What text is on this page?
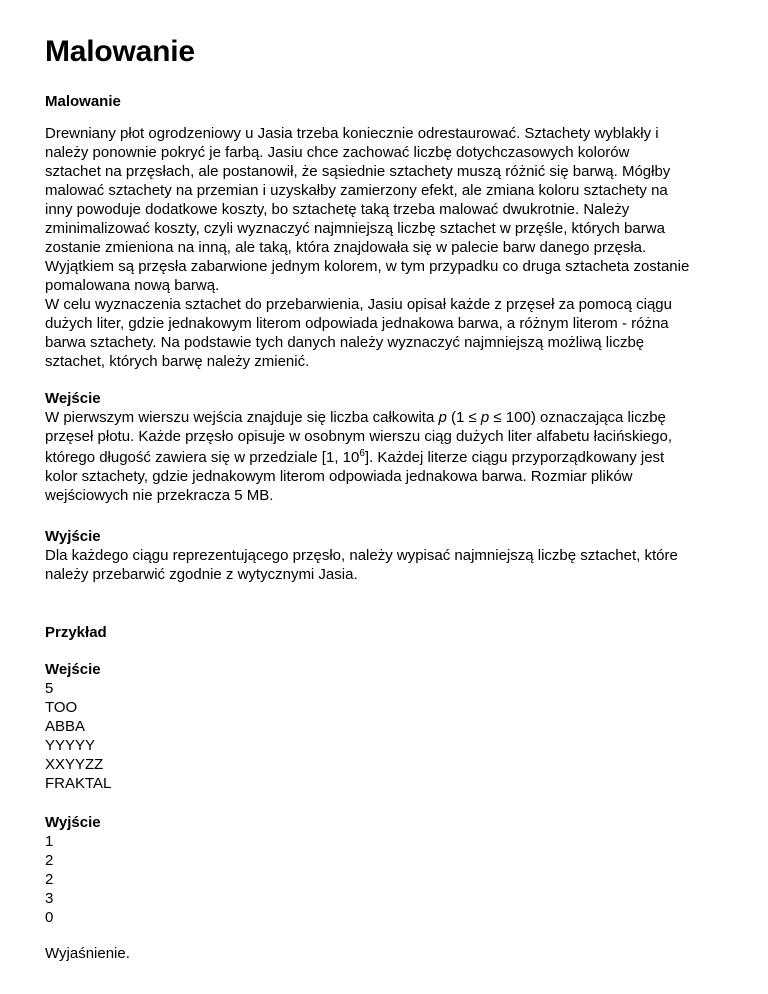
Malowanie

Malowanie

Drewniany płot ogrodzeniowy u Jasia trzeba koniecznie odrestaurować. Sztachety wyblakły i

należy ponownie pokryć je farbą. Jasiu chce zachować liczbę dotychczasowych kolorów

sztachet na przęsłach, ale postanowił, że sąsiednie sztachety muszą różnić się barwą. Mógłby

malować sztachety na przemian i uzyskałby zamierzony efekt, ale zmiana koloru sztachety na

inny powoduje dodatkowe koszty, bo sztachetę taką trzeba malować dwukrotnie. Należy

zminimalizować koszty, czyli wyznaczyć najmniejszą liczbę sztachet w przęśle, których barwa

zostanie zmieniona na inną, ale taką, która znajdowała się w palecie barw danego przęsła.

Wyjątkiem są przęsła zabarwione jednym kolorem, w tym przypadku co druga sztacheta zostanie

pomalowana nową barwą.

W celu wyznaczenia sztachet do przebarwienia, Jasiu opisał każde z przęseł za pomocą ciągu

dużych liter, gdzie jednakowym literom odpowiada jednakowa barwa, a różnym literom - różna

barwa sztachety. Na podstawie tych danych należy wyznaczyć najmniejszą możliwą liczbę

sztachet, których barwę należy zmienić.

Wejście

W pierwszym wierszu wejścia znajduje się liczba całkowita p (1 ≤ p ≤ 100) oznaczająca liczbę

przęseł płotu. Każde przęsło opisuje w osobnym wierszu ciąg dużych liter alfabetu łacińskiego,

którego długość zawiera się w przedziale [1, $10^6$]. Każdej literze ciągu przyporządkowany jest

kolor sztachety, gdzie jednakowym literom odpowiada jednakowa barwa. Rozmiar plików

wejściowych nie przekracza 5 MB.

Wyjście

Dla każdego ciągu reprezentującego przęsło, należy wypisać najmniejszą liczbę sztachet, które

należy przebarwić zgodnie z wytycznymi Jasia.

Przykład

Wejście

5

TOO

ABBA

YYYYY

XXYYZZ

FRAKTAL

Wyjście

1

2

2

3

0

Wyjaśnienie.
